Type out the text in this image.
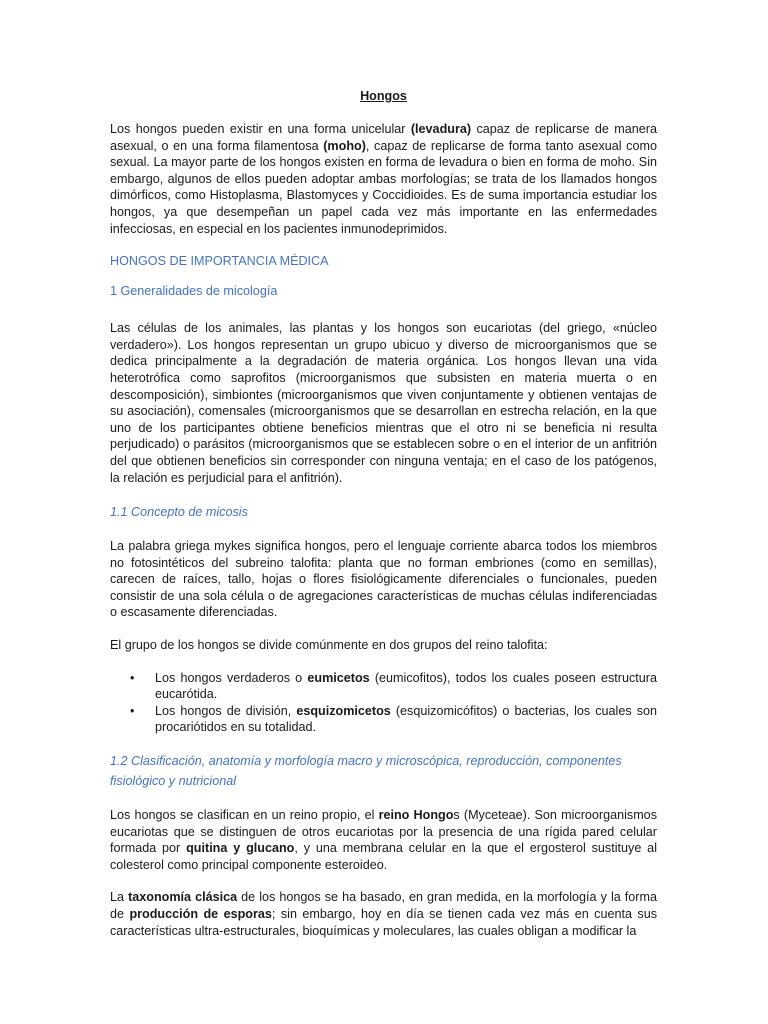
Hongos

Los hongos pueden existir en una forma unicelular (levadura) capaz de replicarse de manera asexual, o en una forma filamentosa (moho), capaz de replicarse de forma tanto asexual como sexual. La mayor parte de los hongos existen en forma de levadura o bien en forma de moho. Sin embargo, algunos de ellos pueden adoptar ambas morfologías; se trata de los llamados hongos dimórficos, como Histoplasma, Blastomyces y Coccidioides. Es de suma importancia estudiar los hongos, ya que desempeñan un papel cada vez más importante en las enfermedades infecciosas, en especial en los pacientes inmunodeprimidos.

HONGOS DE IMPORTANCIA MÉDICA
1 Generalidades de micología

Las células de los animales, las plantas y los hongos son eucariotas (del griego, «núcleo verdadero»). Los hongos representan un grupo ubicuo y diverso de microorganismos que se dedica principalmente a la degradación de materia orgánica. Los hongos llevan una vida heterotrófica como saprofitos (microorganismos que subsisten en materia muerta o en descomposición), simbiontes (microorganismos que viven conjuntamente y obtienen ventajas de su asociación), comensales (microorganismos que se desarrollan en estrecha relación, en la que uno de los participantes obtiene beneficios mientras que el otro ni se beneficia ni resulta perjudicado) o parásitos (microorganismos que se establecen sobre o en el interior de un anfitrión del que obtienen beneficios sin corresponder con ninguna ventaja; en el caso de los patógenos, la relación es perjudicial para el anfitrión).

1.1 Concepto de micosis

La palabra griega mykes significa hongos, pero el lenguaje corriente abarca todos los miembros no fotosintéticos del subreino talofita: planta que no forman embriones (como en semillas), carecen de raíces, tallo, hojas o flores fisiológicamente diferenciales o funcionales, pueden consistir de una sola célula o de agregaciones características de muchas células indiferenciadas o escasamente diferenciadas.

El grupo de los hongos se divide comúnmente en dos grupos del reino talofita:

• Los hongos verdaderos o eumicetos (eumicofitos), todos los cuales poseen estructura eucarótida.
• Los hongos de división, esquizomicetos (esquizomicófitos) o bacterias, los cuales son procariótidos en su totalidad.
1.2 Clasificación, anatomía y morfología macro y microscópica, reproducción, componentes fisiológico y nutricional

Los hongos se clasifican en un reino propio, el reino Hongos (Myceteae). Son microorganismos eucariotas que se distinguen de otros eucariotas por la presencia de una rígida pared celular formada por quitina y glucano, y una membrana celular en la que el ergosterol sustituye al colesterol como principal componente esteroideo.

La taxonomía clásica de los hongos se ha basado, en gran medida, en la morfología y la forma de producción de esporas; sin embargo, hoy en día se tienen cada vez más en cuenta sus características ultra-estructurales, bioquímicas y moleculares, las cuales obligan a modificar la
